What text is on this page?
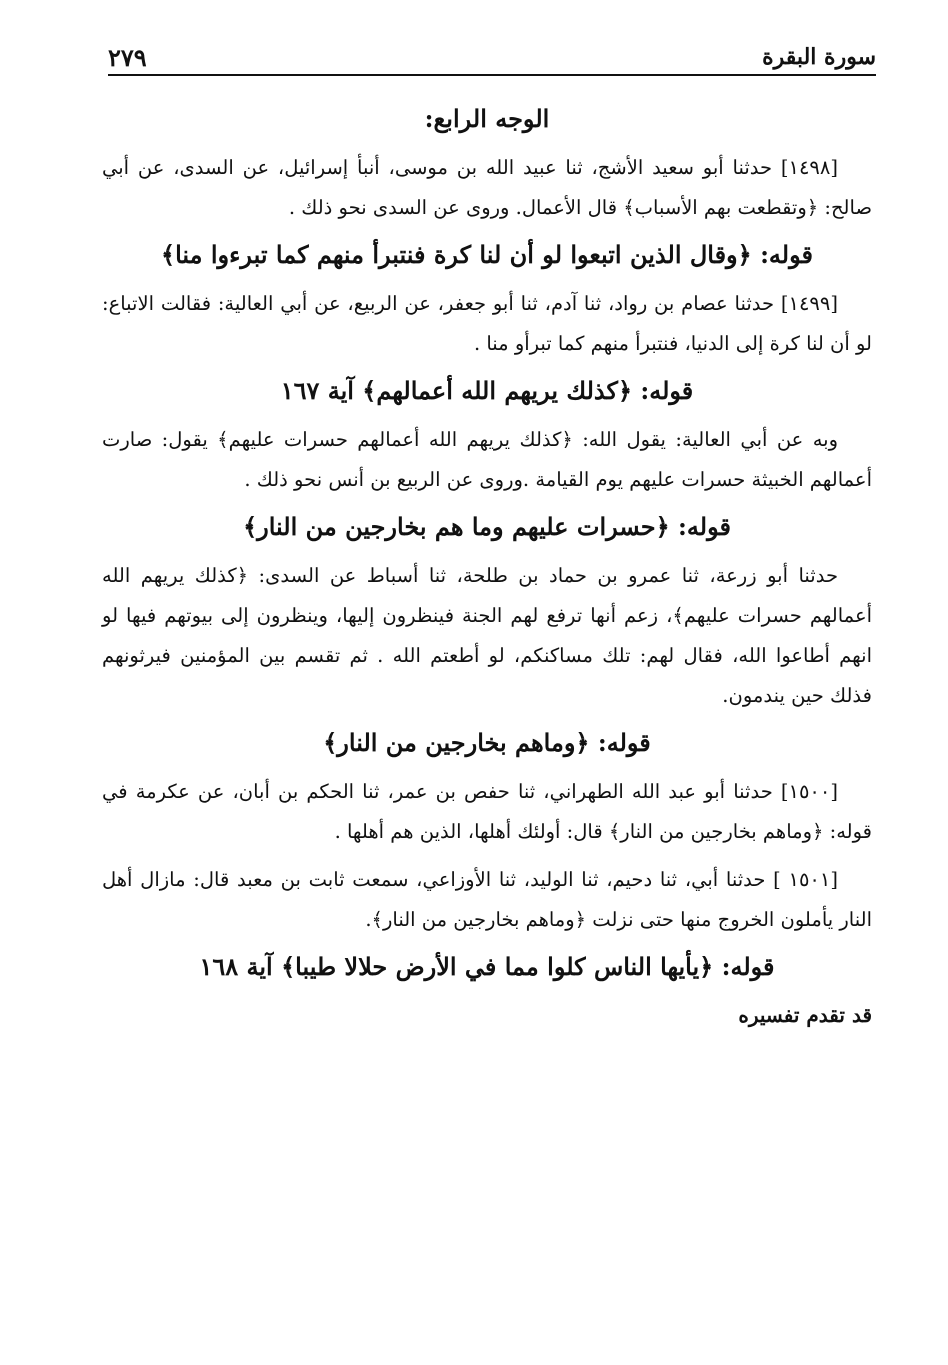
سورة البقرة
٢٧٩
الوجه الرابع:

[١٤٩٨] حدثنا أبو سعيد الأشج، ثنا عبيد الله بن موسى، أنبأ إسرائيل، عن السدى، عن أبي صالح: ﴿وتقطعت بهم الأسباب﴾ قال الأعمال. وروى عن السدى نحو ذلك .

قوله: ﴿وقال الذين اتبعوا لو أن لنا كرة فنتبرأ منهم كما تبرءوا منا﴾

[١٤٩٩] حدثنا عصام بن رواد، ثنا آدم، ثنا أبو جعفر، عن الربيع، عن أبي العالية: فقالت الاتباع: لو أن لنا كرة إلى الدنيا، فنتبرأ منهم كما تبرأو منا .

قوله: ﴿كذلك يريهم الله أعمالهم﴾ آية ١٦٧

وبه عن أبي العالية: يقول الله: ﴿كذلك يريهم الله أعمالهم حسرات عليهم﴾ يقول: صارت أعمالهم الخبيثة حسرات عليهم يوم القيامة .وروى عن الربيع بن أنس نحو ذلك .

قوله: ﴿حسرات عليهم وما هم بخارجين من النار﴾

حدثنا أبو زرعة، ثنا عمرو بن حماد بن طلحة، ثنا أسباط عن السدى: ﴿كذلك يريهم الله أعمالهم حسرات عليهم﴾، زعم أنها ترفع لهم الجنة فينظرون إليها، وينظرون إلى بيوتهم فيها لو انهم أطاعوا الله، فقال لهم: تلك مساكنكم، لو أطعتم الله . ثم تقسم بين المؤمنين فيرثونهم فذلك حين يندمون.

قوله: ﴿وماهم بخارجين من النار﴾

[١٥٠٠] حدثنا أبو عبد الله الطهراني، ثنا حفص بن عمر، ثنا الحكم بن أبان، عن عكرمة في قوله: ﴿وماهم بخارجين من النار﴾ قال: أولئك أهلها، الذين هم أهلها .

[١٥٠١ ] حدثنا أبي، ثنا دحيم، ثنا الوليد، ثنا الأوزاعي، سمعت ثابت بن معبد قال: مازال أهل النار يأملون الخروج منها حتى نزلت ﴿وماهم بخارجين من النار﴾.

قوله: ﴿يأيها الناس كلوا مما في الأرض حلالا طيبا﴾ آية ١٦٨
قد تقدم تفسيره
